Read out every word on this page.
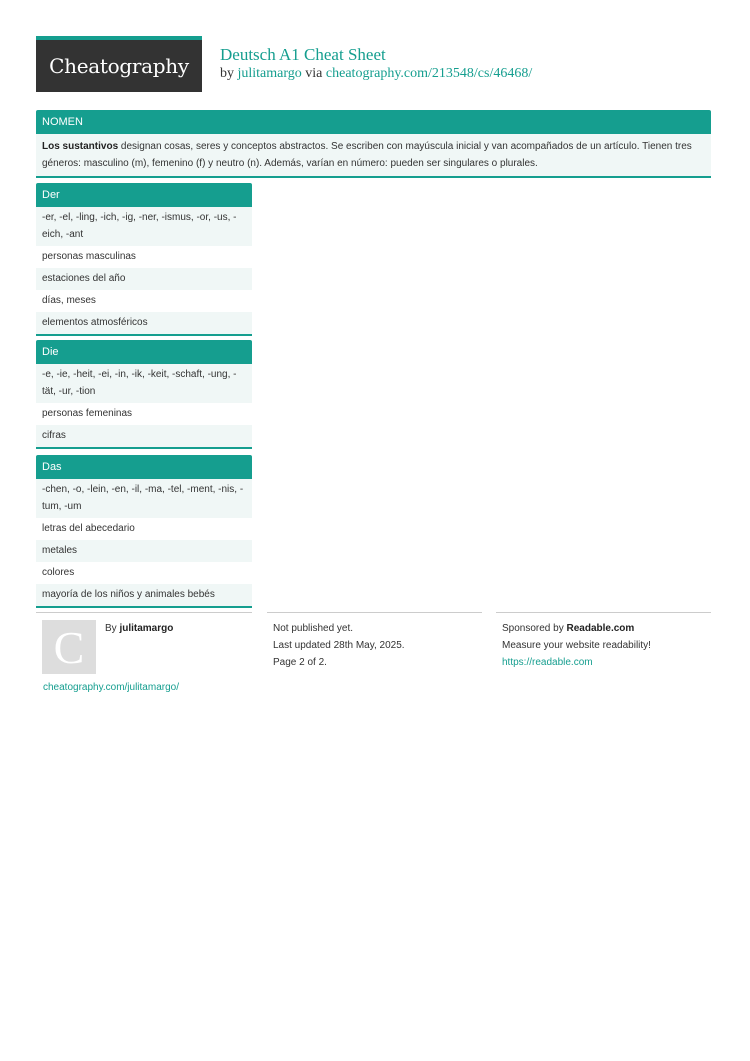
Cheatography Deutsch A1 Cheat Sheet
by julitamargo via cheatography.com/213548/cs/46468/
NOMEN
Los sustantivos designan cosas, seres y conceptos abstractos. Se escriben con mayúscula inicial y van acompañados de un artículo. Tienen tres géneros: masculino (m), femenino (f) y neutro (n). Además, varían en número: pueden ser singulares o plurales.
Der
-er, -el, -ling, -ich, -ig, -ner, -ismus, -or, -us, -eich, -ant
personas masculinas
estaciones del año
días, meses
elementos atmosféricos
Die
-e, -ie, -heit, -ei, -in, -ik, -keit, -schaft, -ung, -tät, -ur, -tion
personas femeninas
cifras
Das
-chen, -o, -lein, -en, -il, -ma, -tel, -ment, -nis, -tum, -um
letras del abecedario
metales
colores
mayoría de los niños y animales bebés
C By julitamargo
cheatography.com/julitamargo/
Not published yet.
Last updated 28th May, 2025.
Page 2 of 2.
Sponsored by Readable.com
Measure your website readability!
https://readable.com
